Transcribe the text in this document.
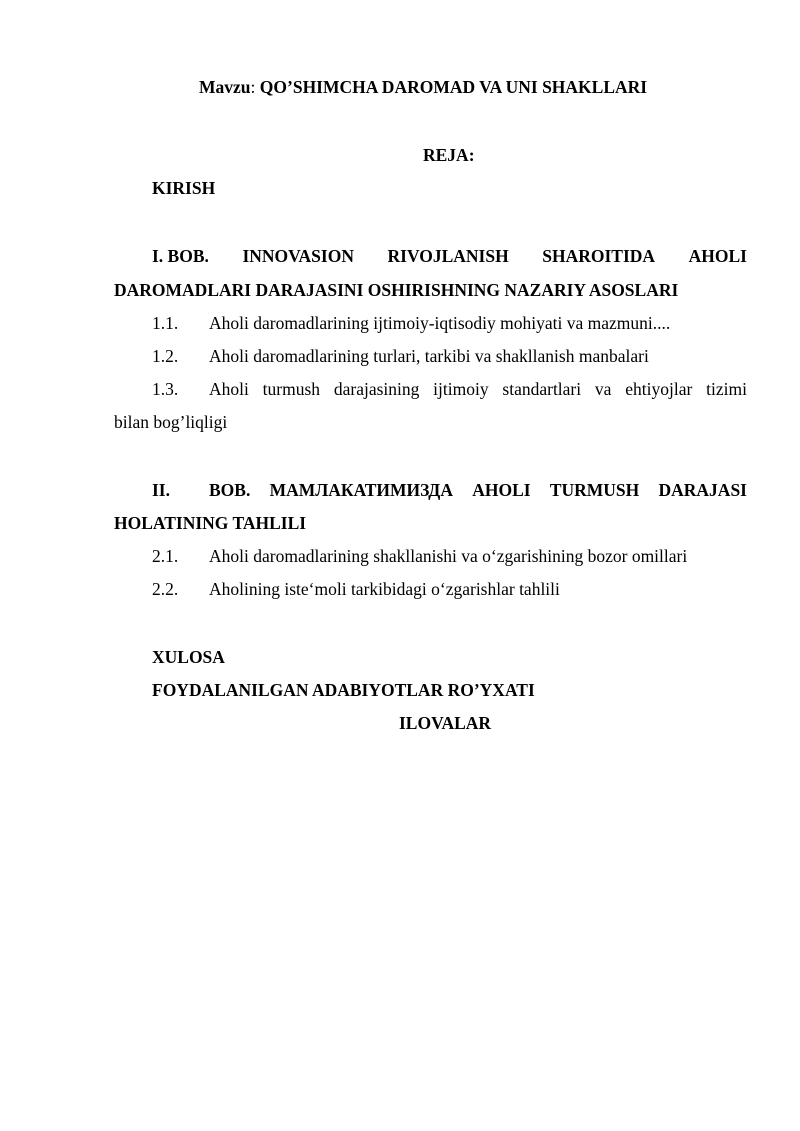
Mavzu: QO’SHIMCHA DAROMAD VA UNI SHAKLLARI
REJA:
KIRISH
I. BOB. INNOVASION RIVOJLANISH SHAROITIDA AHOLI
DAROMADLARI DARAJASINI OSHIRISHNING NAZARIY ASOSLARI
1.1. Aholi daromadlarining ijtimoiy-iqtisodiy mohiyati va mazmuni....
1.2. Aholi daromadlarining turlari, tarkibi va shakllanish manbalari
1.3. Aholi turmush darajasining ijtimoiy standartlari va ehtiyojlar tizimi
bilan bog’liqligi
II. BOB. МАМЛАКАТИМИЗДА AHOLI TURMUSH DARAJASI
HOLATINING TAHLILI
2.1. Aholi daromadlarining shakllanishi va o‘zgarishining bozor omillari
2.2. Aholining iste‘moli tarkibidagi o‘zgarishlar tahlili
XULOSA
FOYDALANILGAN ADABIYOTLAR RO’YXATI
ILOVALAR
